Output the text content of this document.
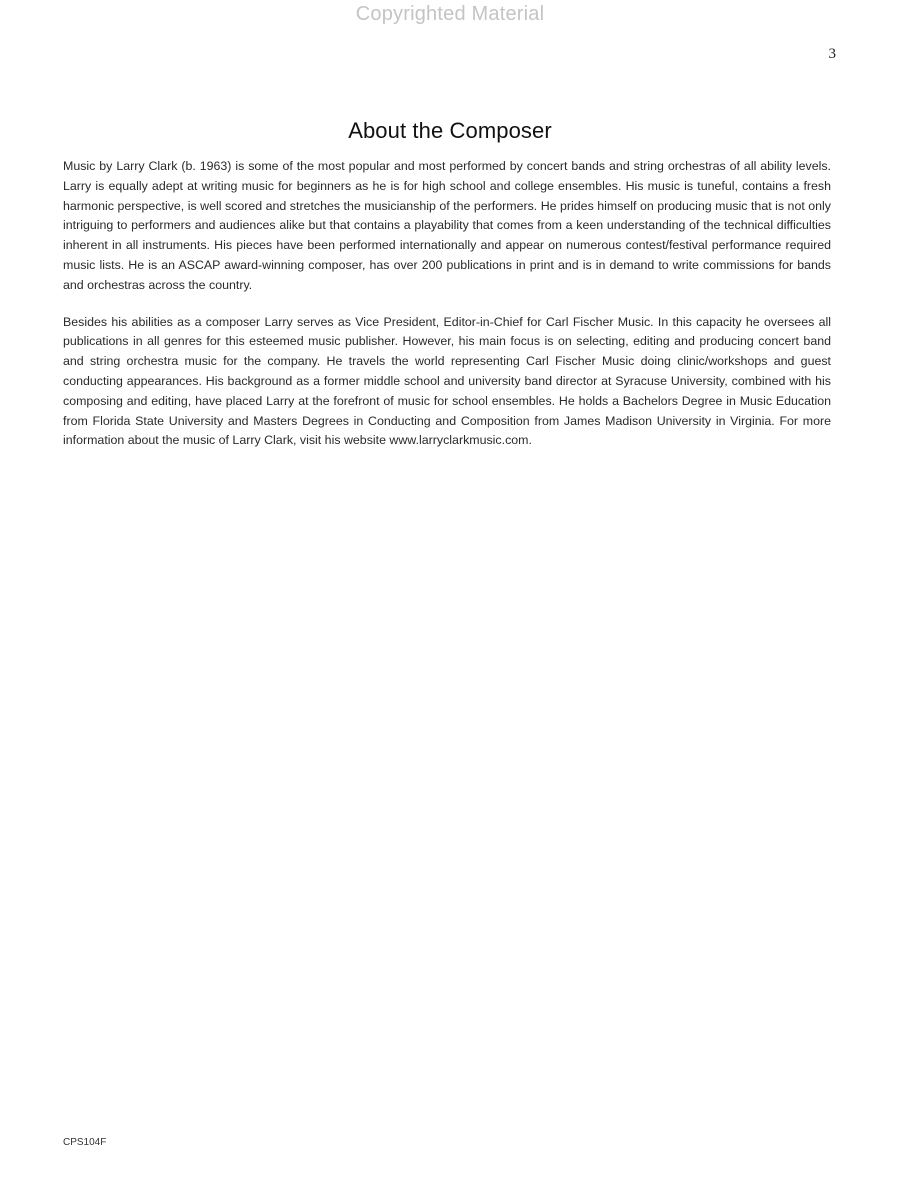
Copyrighted Material
3
About the Composer

Music by Larry Clark (b. 1963) is some of the most popular and most performed by concert bands and string orchestras of all ability levels. Larry is equally adept at writing music for beginners as he is for high school and college ensembles. His music is tuneful, contains a fresh harmonic perspective, is well scored and stretches the musicianship of the performers. He prides himself on producing music that is not only intriguing to performers and audiences alike but that contains a playability that comes from a keen understanding of the technical difficulties inherent in all instruments. His pieces have been performed internationally and appear on numerous contest/festival performance required music lists. He is an ASCAP award-winning composer, has over 200 publications in print and is in demand to write commissions for bands and orchestras across the country.

Besides his abilities as a composer Larry serves as Vice President, Editor-in-Chief for Carl Fischer Music. In this capacity he oversees all publications in all genres for this esteemed music publisher. However, his main focus is on selecting, editing and producing concert band and string orchestra music for the company. He travels the world representing Carl Fischer Music doing clinic/workshops and guest conducting appearances. His background as a former middle school and university band director at Syracuse University, combined with his composing and editing, have placed Larry at the forefront of music for school ensembles. He holds a Bachelors Degree in Music Education from Florida State University and Masters Degrees in Conducting and Composition from James Madison University in Virginia. For more information about the music of Larry Clark, visit his website www.larryclarkmusic.com.

CPS104F
